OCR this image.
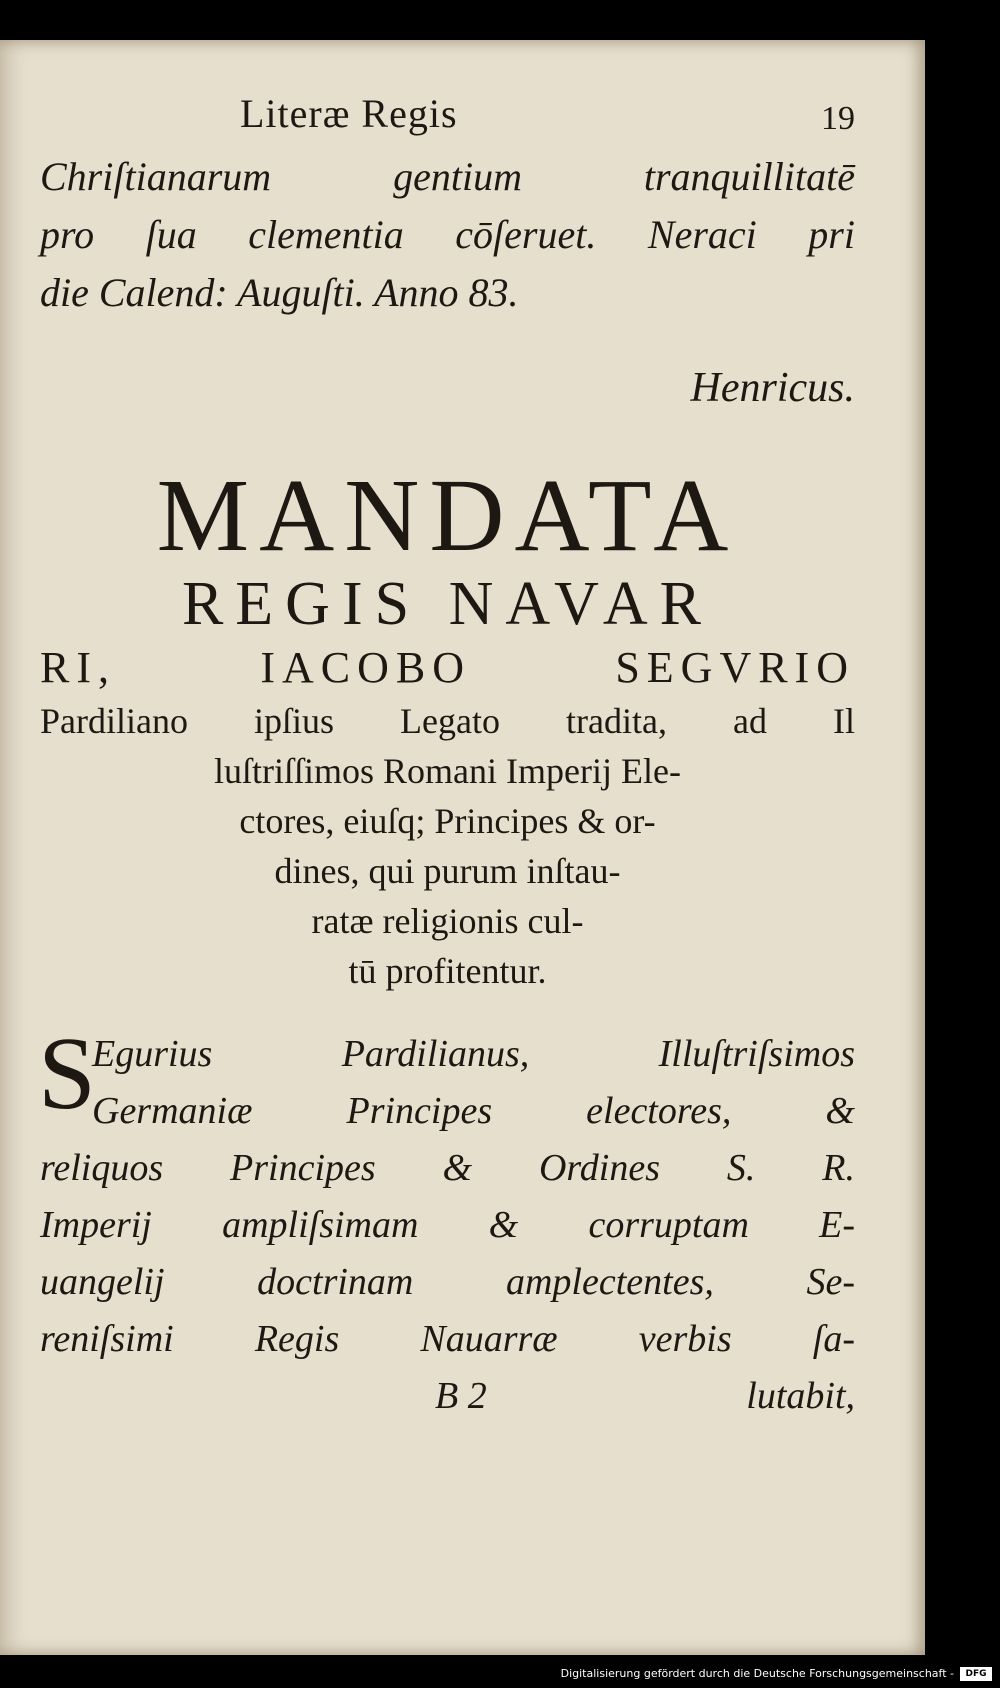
Literæ Regis	19
Chriſtianarum gentium tranquillitatē
pro ſua clementia cōſeruet. Neraci pri
die Calend: Auguſti. Anno 83.
Henricus.
MANDATA
REGIS NAVAR
RI, IACOBO SEGVRIO
Pardiliano ipſius Legato tradita, ad Il
luſtriſſimos Romani Imperij Ele-
ctores, eiuſq; Principes & or-
dines, qui purum inſtau-
ratæ religionis cul-
tū profitentur.
S
Egurius Pardilianus, Illuſtriſsimos
Germaniæ Principes electores, &
reliquos Principes & Ordines S. R.
Imperij ampliſsimam & corruptam E-
uangelij doctrinam amplectentes, Se-
reniſsimi Regis Nauarræ verbis ſa-
B 2	lutabit,
Digitalisierung gefördert durch die Deutsche Forschungsgemeinschaft -	DFG
